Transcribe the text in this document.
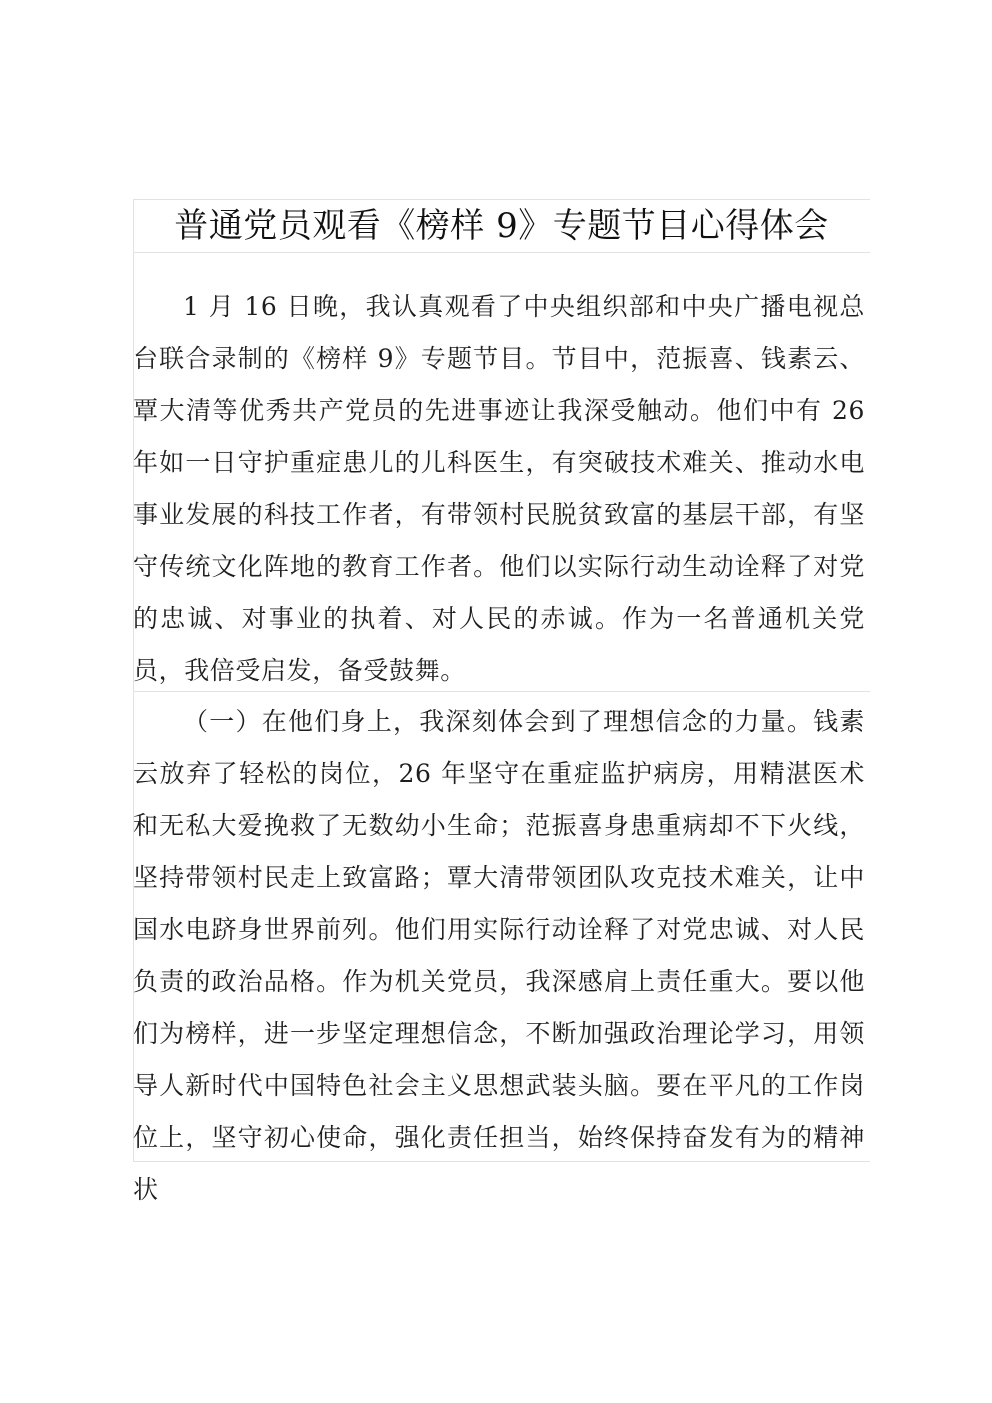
普通党员观看《榜样 9》专题节目心得体会

1 月 16 日晚，我认真观看了中央组织部和中央广播电视总台联合录制的《榜样 9》专题节目。节目中，范振喜、钱素云、覃大清等优秀共产党员的先进事迹让我深受触动。他们中有 26 年如一日守护重症患儿的儿科医生，有突破技术难关、推动水电事业发展的科技工作者，有带领村民脱贫致富的基层干部，有坚守传统文化阵地的教育工作者。他们以实际行动生动诠释了对党的忠诚、对事业的执着、对人民的赤诚。作为一名普通机关党员，我倍受启发，备受鼓舞。

（一）在他们身上，我深刻体会到了理想信念的力量。钱素云放弃了轻松的岗位，26 年坚守在重症监护病房，用精湛医术和无私大爱挽救了无数幼小生命；范振喜身患重病却不下火线，坚持带领村民走上致富路；覃大清带领团队攻克技术难关，让中国水电跻身世界前列。他们用实际行动诠释了对党忠诚、对人民负责的政治品格。作为机关党员，我深感肩上责任重大。要以他们为榜样，进一步坚定理想信念，不断加强政治理论学习，用领导人新时代中国特色社会主义思想武装头脑。要在平凡的工作岗位上，坚守初心使命，强化责任担当，始终保持奋发有为的精神状
